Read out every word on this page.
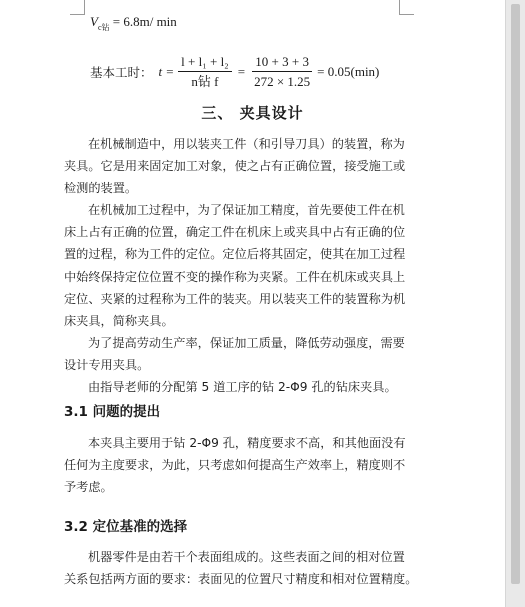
$V_{c钻} = 6.8m/$ min
基本工时： $t = \frac{\text{l + l₁ + l₂}}{\text{n钻 f}} = \frac{10 + 3 + 3}{272 \times 1.25} = 0.05(\min)$
三、 夹具设计
在机械制造中，用以装夹工件（和引导刀具）的装置，称为
夹具。它是用来固定加工对象，使之占有正确位置，接受施工或
检测的装置。
在机械加工过程中，为了保证加工精度，首先要使工件在机
床上占有正确的位置，确定工件在机床上或夹具中占有正确的位
置的过程，称为工件的定位。定位后将其固定，使其在加工过程
中始终保持定位位置不变的操作称为夹紧。工件在机床或夹具上
定位、夹紧的过程称为工件的装夹。用以装夹工件的装置称为机
床夹具，简称夹具。
为了提高劳动生产率，保证加工质量，降低劳动强度，需要
设计专用夹具。
由指导老师的分配第 5 道工序的钻 2-Φ9 孔的钻床夹具。
3.1 问题的提出
本夹具主要用于钻 2-Φ9 孔，精度要求不高，和其他面没有
任何为主度要求，为此，只考虑如何提高生产效率上，精度则不
予考虑。
3.2 定位基准的选择
机器零件是由若干个表面组成的。这些表面之间的相对位置
关系包括两方面的要求：表面见的位置尺寸精度和相对位置精度。
